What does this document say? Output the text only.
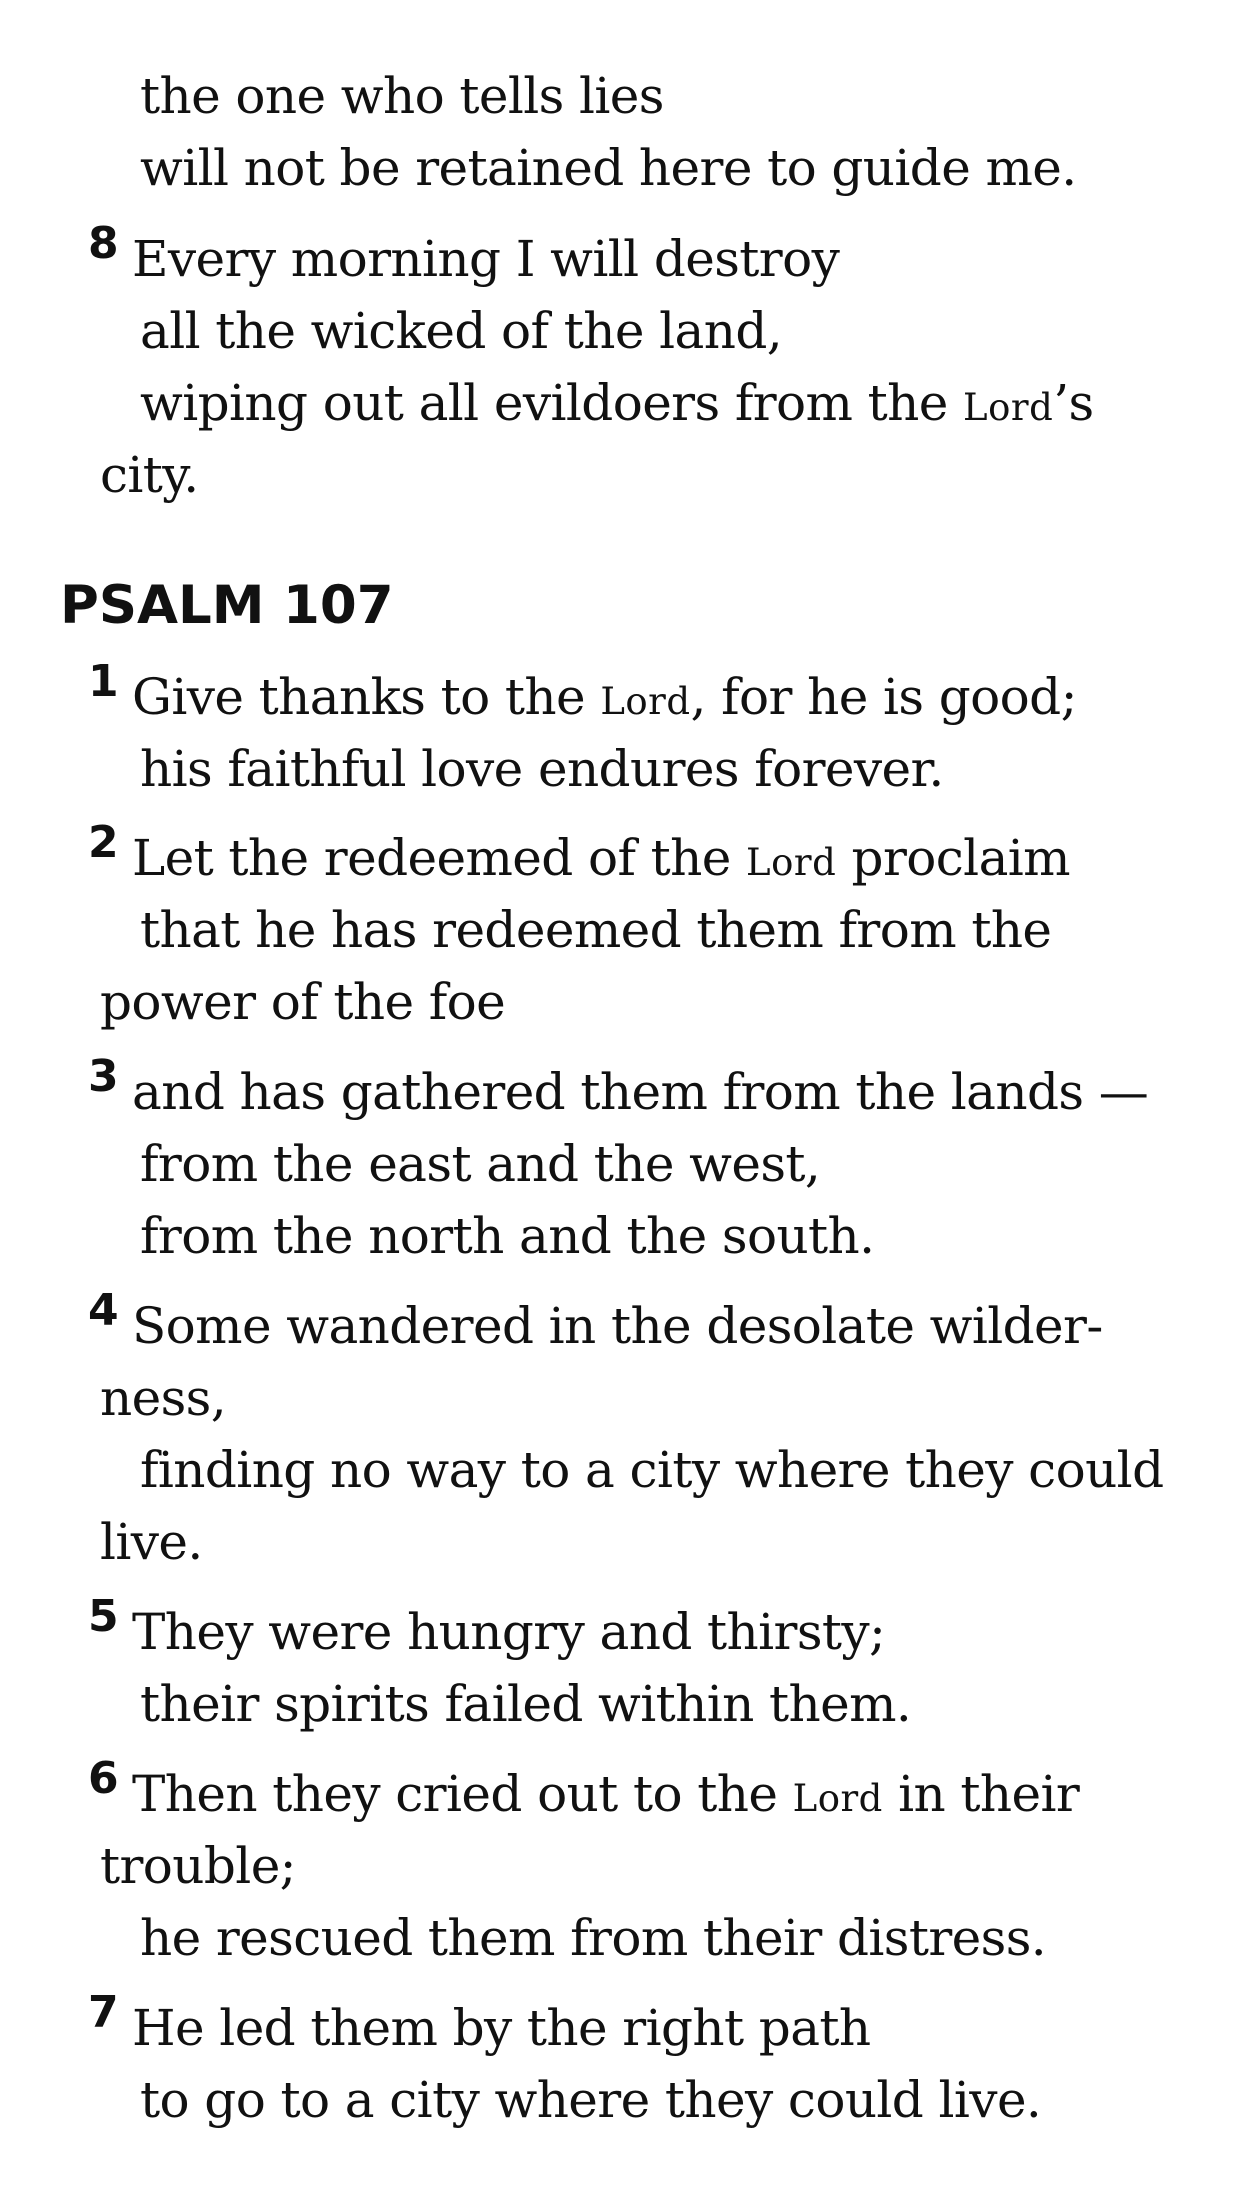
the one who tells lies
will not be retained here to guide me.
8 Every morning I will destroy
all the wicked of the land,
wiping out all evildoers from the Lord’s
city.
PSALM 107
1 Give thanks to the Lord, for he is good;
his faithful love endures forever.
2 Let the redeemed of the Lord proclaim
that he has redeemed them from the
power of the foe
3 and has gathered them from the lands —
from the east and the west,
from the north and the south.
4 Some wandered in the desolate wilder-
ness,
finding no way to a city where they could
live.
5 They were hungry and thirsty;
their spirits failed within them.
6 Then they cried out to the Lord in their
trouble;
he rescued them from their distress.
7 He led them by the right path
to go to a city where they could live.
